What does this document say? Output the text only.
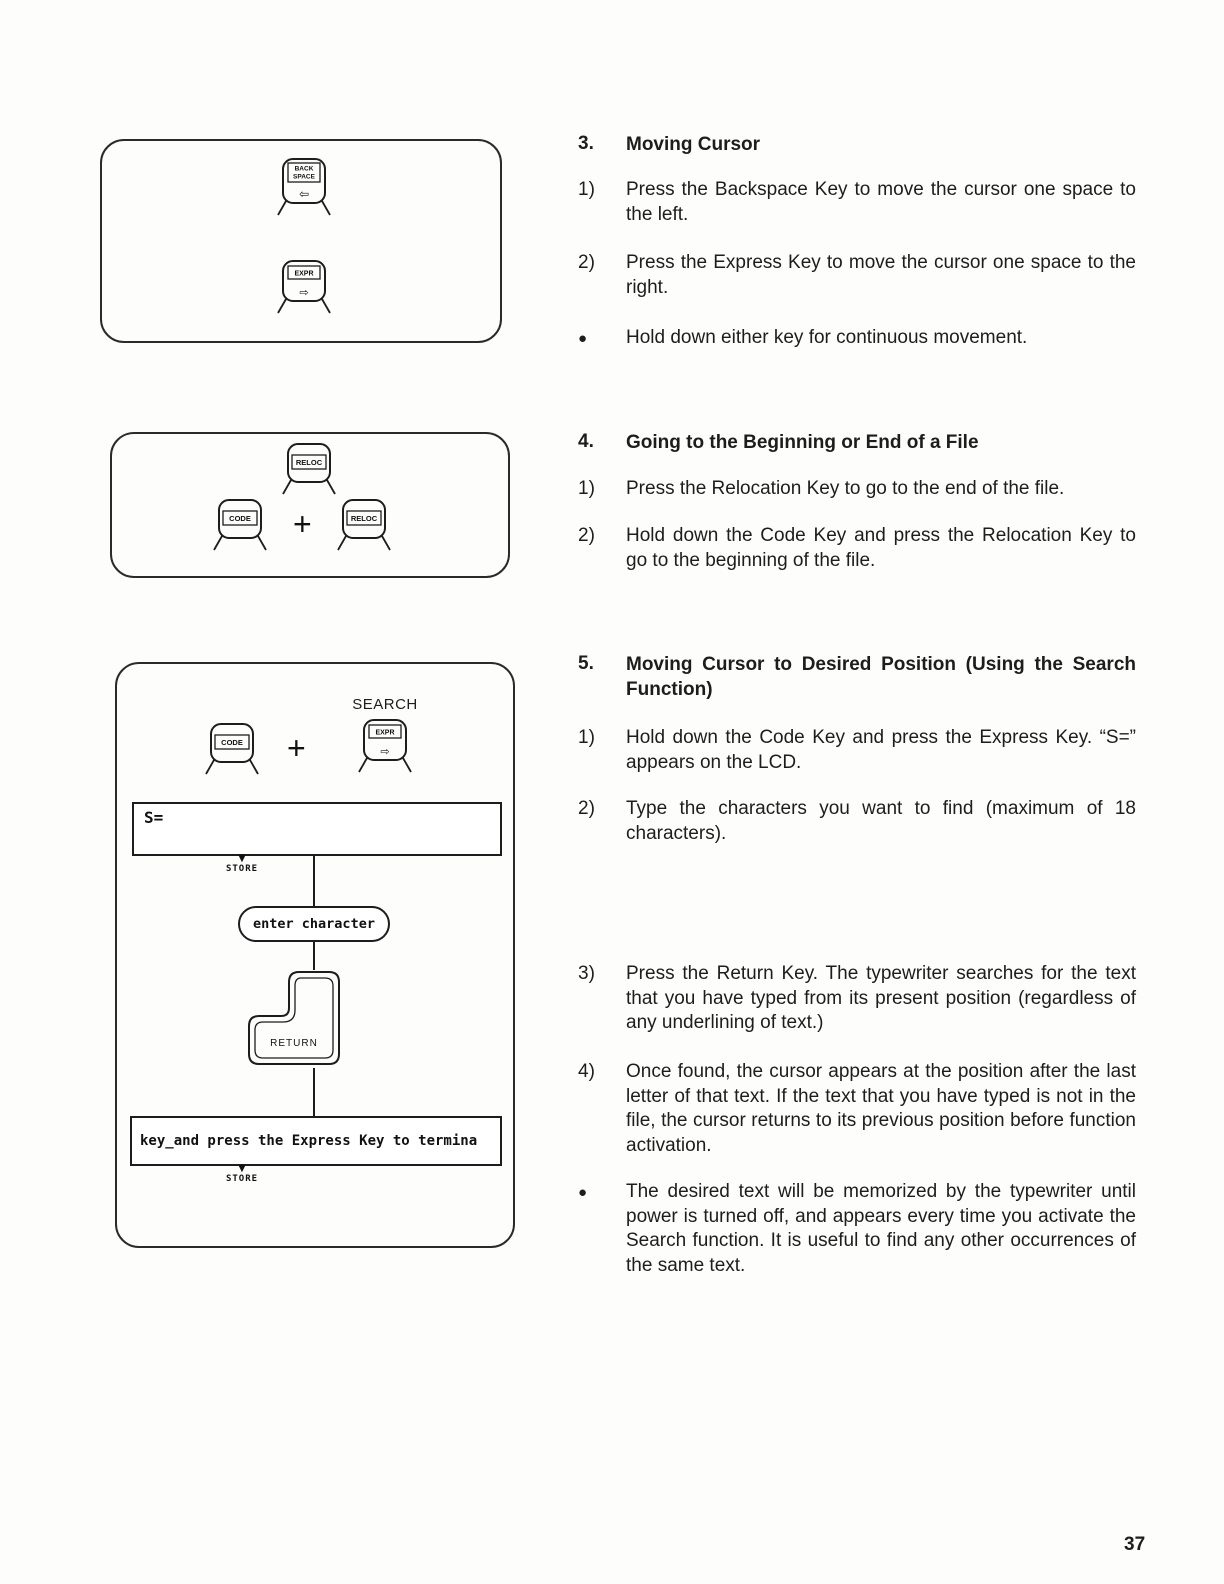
BACK
SPACE
⇦
EXPR
⇨
RELOC
CODE +	RELOC
SEARCH
CODE +	EXPR
⇨
S=
▼
STORE
enter character
RETURN
key_and press the Express Key to termina
▼
STORE
3.	Moving Cursor
1)	Press the Backspace Key to move the cursor one space to the left.
2)	Press the Express Key to move the cursor one space to the right.
●	Hold down either key for continuous movement.
4.	Going to the Beginning or End of a File
1)	Press the Relocation Key to go to the end of the file.
2)	Hold down the Code Key and press the Relocation Key to go to the beginning of the file.
5.	Moving Cursor to Desired Position (Using the Search Function)
1)	Hold down the Code Key and press the Express Key. “S=” appears on the LCD.
2)	Type the characters you want to find (maximum of 18 characters).
3)	Press the Return Key. The typewriter searches for the text that you have typed from its present position (regardless of any underlining of text.)
4)	Once found, the cursor appears at the position after the last letter of that text. If the text that you have typed is not in the file, the cursor returns to its previous position before function activation.
●	The desired text will be memorized by the typewriter until power is turned off, and appears every time you activate the Search function. It is useful to find any other occurrences of the same text.
37
